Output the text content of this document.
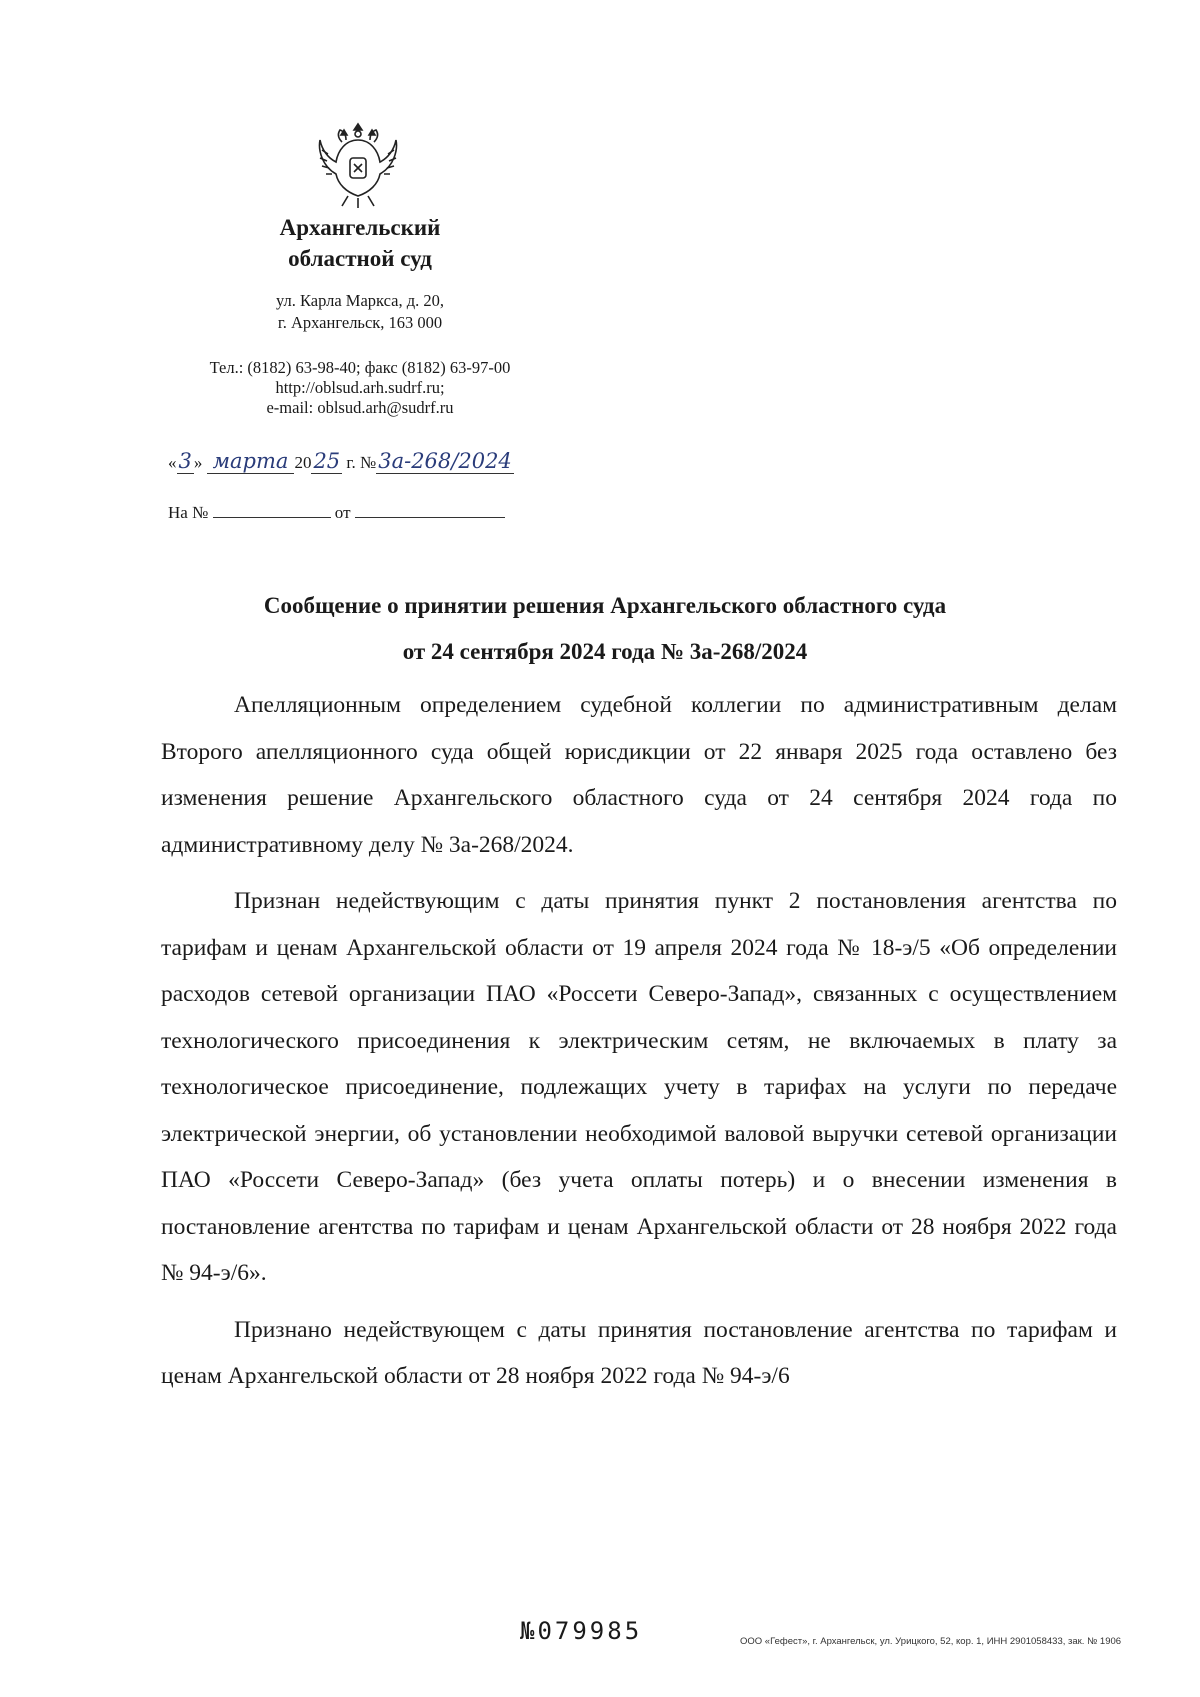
Архангельский
областной суд
ул. Карла Маркса, д. 20,
г. Архангельск, 163 000
Тел.: (8182) 63-98-40; факс (8182) 63-97-00
http://oblsud.arh.sudrf.ru;
e-mail: oblsud.arh@sudrf.ru
«3 » марта 2025 г. №3а-268/2024
На №	от
Сообщение о принятии решения Архангельского областного суда
от 24 сентября 2024 года № 3а-268/2024

Апелляционным определением судебной коллегии по административным делам Второго апелляционного суда общей юрисдикции от 22 января 2025 года оставлено без изменения решение Архангельского областного суда от 24 сентября 2024 года по административному делу № 3а-268/2024.

Признан недействующим с даты принятия пункт 2 постановления агентства по тарифам и ценам Архангельской области от 19 апреля 2024 года № 18-э/5 «Об определении расходов сетевой организации ПАО «Россети Северо-Запад», связанных с осуществлением технологического присоединения к электрическим сетям, не включаемых в плату за технологическое присоединение, подлежащих учету в тарифах на услуги по передаче электрической энергии, об установлении необходимой валовой выручки сетевой организации ПАО «Россети Северо-Запад» (без учета оплаты потерь) и о внесении изменения в постановление агентства по тарифам и ценам Архангельской области от 28 ноября 2022 года № 94-э/6».

Признано недействующем с даты принятия постановление агентства по тарифам и ценам Архангельской области от 28 ноября 2022 года № 94-э/6

№079985	ООО «Гефест», г. Архангельск, ул. Урицкого, 52, кор. 1, ИНН 2901058433, зак. № 1906
